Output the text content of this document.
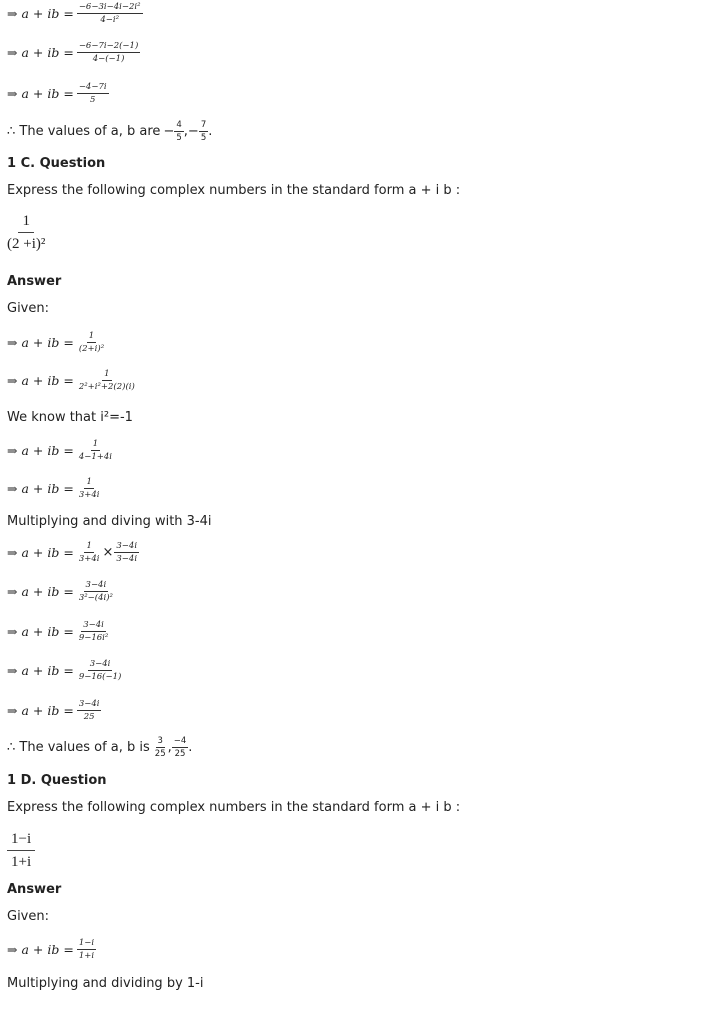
⇒ a + ib = $\frac{\text{−6−3i−4i−2i²}}{\text{4−i²}}$
⇒ a + ib = $\frac{-6-7i-2(-1)}{4-(-1)}$
⇒ a + ib = $\frac{-4-7i}{5}$
∴ The values of a, b are − $\frac{4}{5}$ , − $\frac{7}{5}$ .
1 C. Question
Express the following complex numbers in the standard form a + i b :
$\frac{1}{\text{(2 +i)²}}$
Answer
Given:
⇒ a + ib = $\frac{1}{\text{(2+i)²}}$
⇒ a + ib = $\frac{1}{\text{2²+i²+2(2)(i)}}$
We know that i²=-1
⇒ a + ib = $\frac{1}{4-1+4i}$
⇒ a + ib = $\frac{1}{3+4i}$
Multiplying and diving with 3-4i
⇒ a + ib = $\frac{1}{3+4i} \times \frac{3-4i}{3-4i}$
⇒ a + ib = $\frac{3-4i}{\text{3²−(4i)²}}$
⇒ a + ib = $\frac{3-4i}{\text{9−16i²}}$
⇒ a + ib = $\frac{3-4i}{9-16(-1)}$
⇒ a + ib = $\frac{3-4i}{25}$
∴ The values of a, b is $\frac{3}{25}$ , $\frac{-4}{25}$ .
1 D. Question
Express the following complex numbers in the standard form a + i b :
$\frac{1-i}{1+i}$
Answer
Given:
⇒ a + ib = $\frac{1-i}{1+i}$
Multiplying and dividing by 1-i
